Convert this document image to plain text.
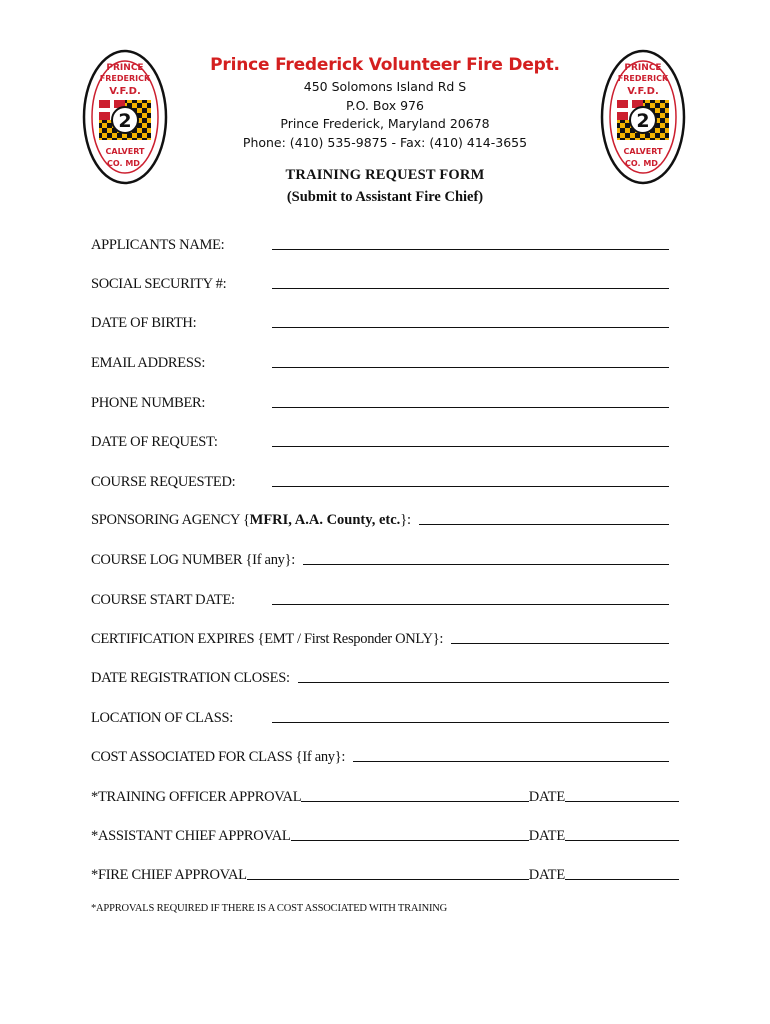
PRINCE
FREDERICK
V.F.D.
2
CALVERT
CO. MD.
PRINCE
FREDERICK
V.F.D.
2
CALVERT
CO. MD.
Prince Frederick Volunteer Fire Dept.
450 Solomons Island Rd S
P.O. Box 976
Prince Frederick, Maryland 20678
Phone: (410) 535-9875 - Fax: (410) 414-3655
TRAINING REQUEST FORM
(Submit to Assistant Fire Chief)
APPLICANTS NAME:
SOCIAL SECURITY #:
DATE OF BIRTH:
EMAIL ADDRESS:
PHONE NUMBER:
DATE OF REQUEST:
COURSE REQUESTED:
SPONSORING AGENCY {MFRI, A.A. County, etc.}:
COURSE LOG NUMBER {If any}:
COURSE START DATE:
CERTIFICATION EXPIRES {EMT / First Responder ONLY}:
DATE REGISTRATION CLOSES:
LOCATION OF CLASS:
COST ASSOCIATED FOR CLASS {If any}:
*TRAINING OFFICER APPROVAL	DATE
*ASSISTANT CHIEF APPROVAL	DATE
*FIRE CHIEF APPROVAL	DATE
*APPROVALS REQUIRED IF THERE IS A COST ASSOCIATED WITH TRAINING
